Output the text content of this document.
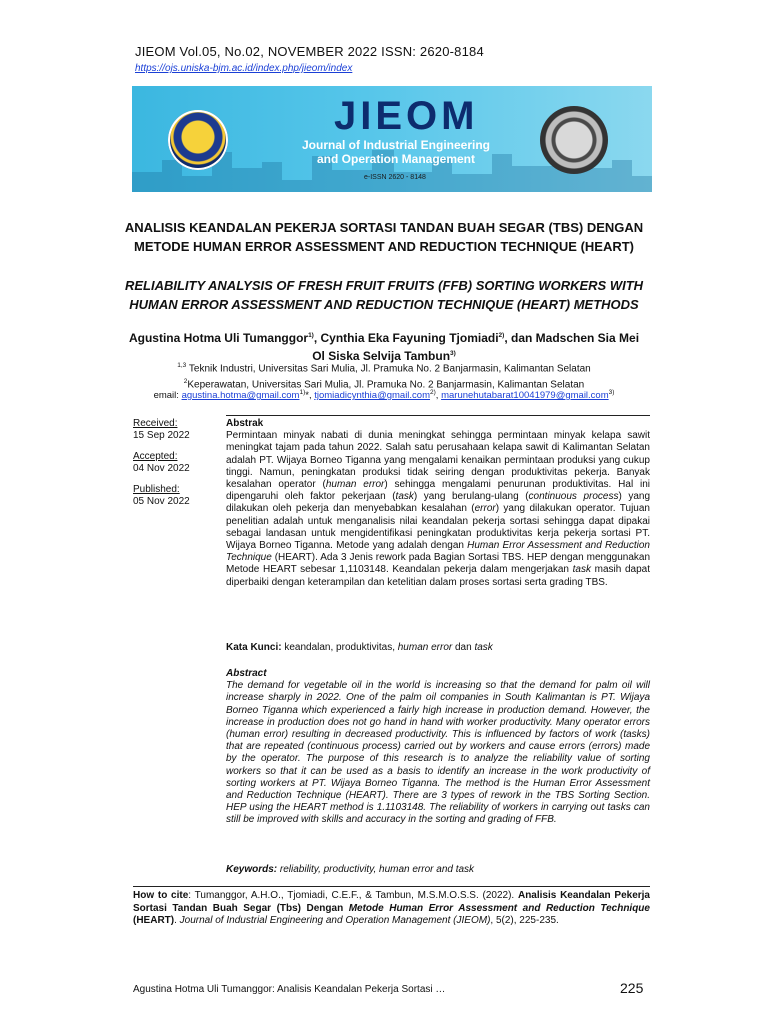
JIEOM Vol.05, No.02, NOVEMBER 2022 ISSN: 2620-8184
https://ojs.uniska-bjm.ac.id/index.php/jieom/index
JIEOM
Journal of Industrial Engineering
and Operation Management
e-ISSN 2620 - 8148
ANALISIS KEANDALAN PEKERJA SORTASI TANDAN BUAH SEGAR (TBS) DENGAN
METODE HUMAN ERROR ASSESSMENT AND REDUCTION TECHNIQUE (HEART)
RELIABILITY ANALYSIS OF FRESH FRUIT FRUITS (FFB) SORTING WORKERS WITH
HUMAN ERROR ASSESSMENT AND REDUCTION TECHNIQUE (HEART) METHODS
Agustina Hotma Uli Tumanggor$^{1)}$, Cynthia Eka Fayuning Tjomiadi$^{2)}$, dan Madschen Sia Mei
Ol Siska Selvija Tambun$^{3)}$
$^{1,3}$ Teknik Industri, Universitas Sari Mulia, Jl. Pramuka No. 2 Banjarmasin, Kalimantan Selatan
$^2$Keperawatan, Universitas Sari Mulia, Jl. Pramuka No. 2 Banjarmasin, Kalimantan Selatan
email: agustina.hotma@gmail.com$^{1)}$*, tjomiadicynthia@gmail.com$^{2)}$, marunehutabarat10041979@gmail.com$^{3)}$
Received:
15 Sep 2022
Accepted:
04 Nov 2022
Published:
05 Nov 2022
Abstrak
Permintaan minyak nabati di dunia meningkat sehingga permintaan minyak kelapa sawit meningkat tajam pada tahun 2022. Salah satu perusahaan kelapa sawit di Kalimantan Selatan adalah PT. Wijaya Borneo Tiganna yang mengalami kenaikan permintaan produksi yang cukup tinggi. Namun, peningkatan produksi tidak seiring dengan produktivitas pekerja. Banyak kesalahan operator (human error) sehingga mengalami penurunan produktivitas. Hal ini dipengaruhi oleh faktor pekerjaan (task) yang berulang-ulang (continuous process) yang dilakukan oleh pekerja dan menyebabkan kesalahan (error) yang dilakukan operator. Tujuan penelitian adalah untuk menganalisis nilai keandalan pekerja sortasi sehingga dapat dipakai sebagai landasan untuk mengidentifikasi peningkatan produktivitas kerja pekerja sortasi PT. Wijaya Borneo Tiganna. Metode yang adalah dengan Human Error Assessment and Reduction Technique (HEART). Ada 3 Jenis rework pada Bagian Sortasi TBS. HEP dengan menggunakan Metode HEART sebesar 1,1103148. Keandalan pekerja dalam mengerjakan task masih dapat diperbaiki dengan keterampilan dan ketelitian dalam proses sortasi serta grading TBS.
Kata Kunci: keandalan, produktivitas, human error dan task
Abstract
The demand for vegetable oil in the world is increasing so that the demand for palm oil will increase sharply in 2022. One of the palm oil companies in South Kalimantan is PT. Wijaya Borneo Tiganna which experienced a fairly high increase in production demand. However, the increase in production does not go hand in hand with worker productivity. Many operator errors (human error) resulting in decreased productivity. This is influenced by factors of work (tasks) that are repeated (continuous process) carried out by workers and cause errors (errors) made by the operator. The purpose of this research is to analyze the reliability value of sorting workers so that it can be used as a basis to identify an increase in the work productivity of sorting workers at PT. Wijaya Borneo Tiganna. The method is the Human Error Assessment and Reduction Technique (HEART). There are 3 types of rework in the TBS Sorting Section. HEP using the HEART method is 1.1103148. The reliability of workers in carrying out tasks can still be improved with skills and accuracy in the sorting and grading of FFB.
Keywords: reliability, productivity, human error and task
How to cite: Tumanggor, A.H.O., Tjomiadi, C.E.F., & Tambun, M.S.M.O.S.S. (2022). Analisis Keandalan Pekerja Sortasi Tandan Buah Segar (Tbs) Dengan Metode Human Error Assessment and Reduction Technique (HEART). Journal of Industrial Engineering and Operation Management (JIEOM), 5(2), 225-235.
Agustina Hotma Uli Tumanggor: Analisis Keandalan Pekerja Sortasi …	225
